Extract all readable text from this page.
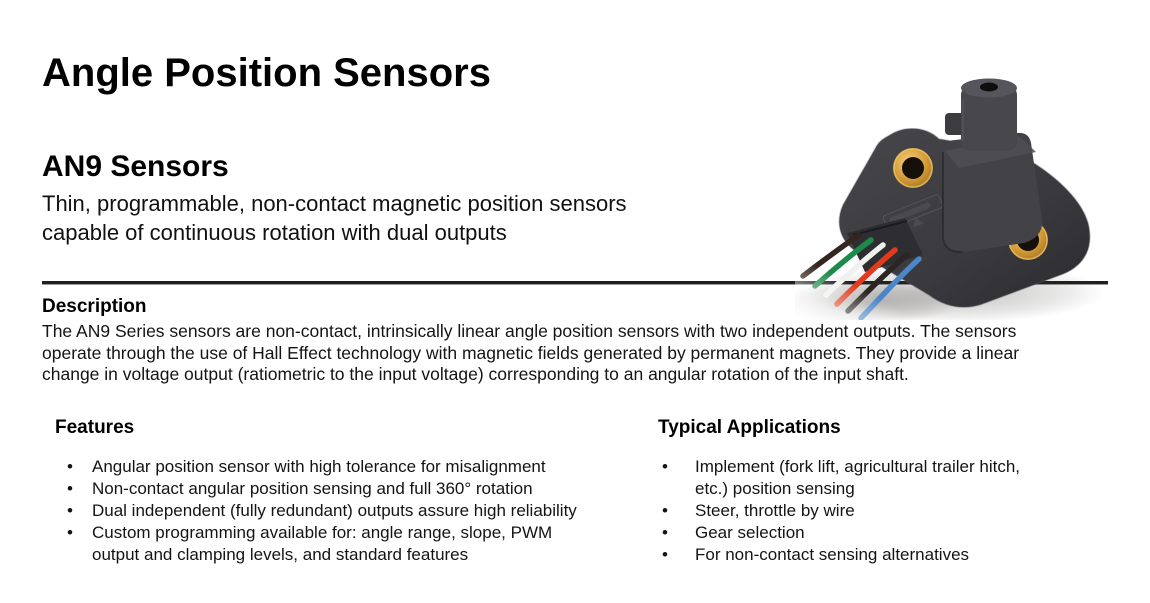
Angle Position Sensors
AN9 Sensors
Thin, programmable, non-contact magnetic position sensors
capable of continuous rotation with dual outputs
Description

The AN9 Series sensors are non-contact, intrinsically linear angle position sensors with two independent outputs. The sensors operate through the use of Hall Effect technology with magnetic fields generated by permanent magnets. They provide a linear change in voltage output (ratiometric to the input voltage) corresponding to an angular rotation of the input shaft.

Features
•	Angular position sensor with high tolerance for misalignment
•	Non-contact angular position sensing and full 360° rotation
•	Dual independent (fully redundant) outputs assure high reliability
•	Custom programming available for: angle range, slope, PWM
output and clamping levels, and standard features
Typical Applications
•	Implement (fork lift, agricultural trailer hitch,
etc.) position sensing
•	Steer, throttle by wire
•	Gear selection
•	For non-contact sensing alternatives
